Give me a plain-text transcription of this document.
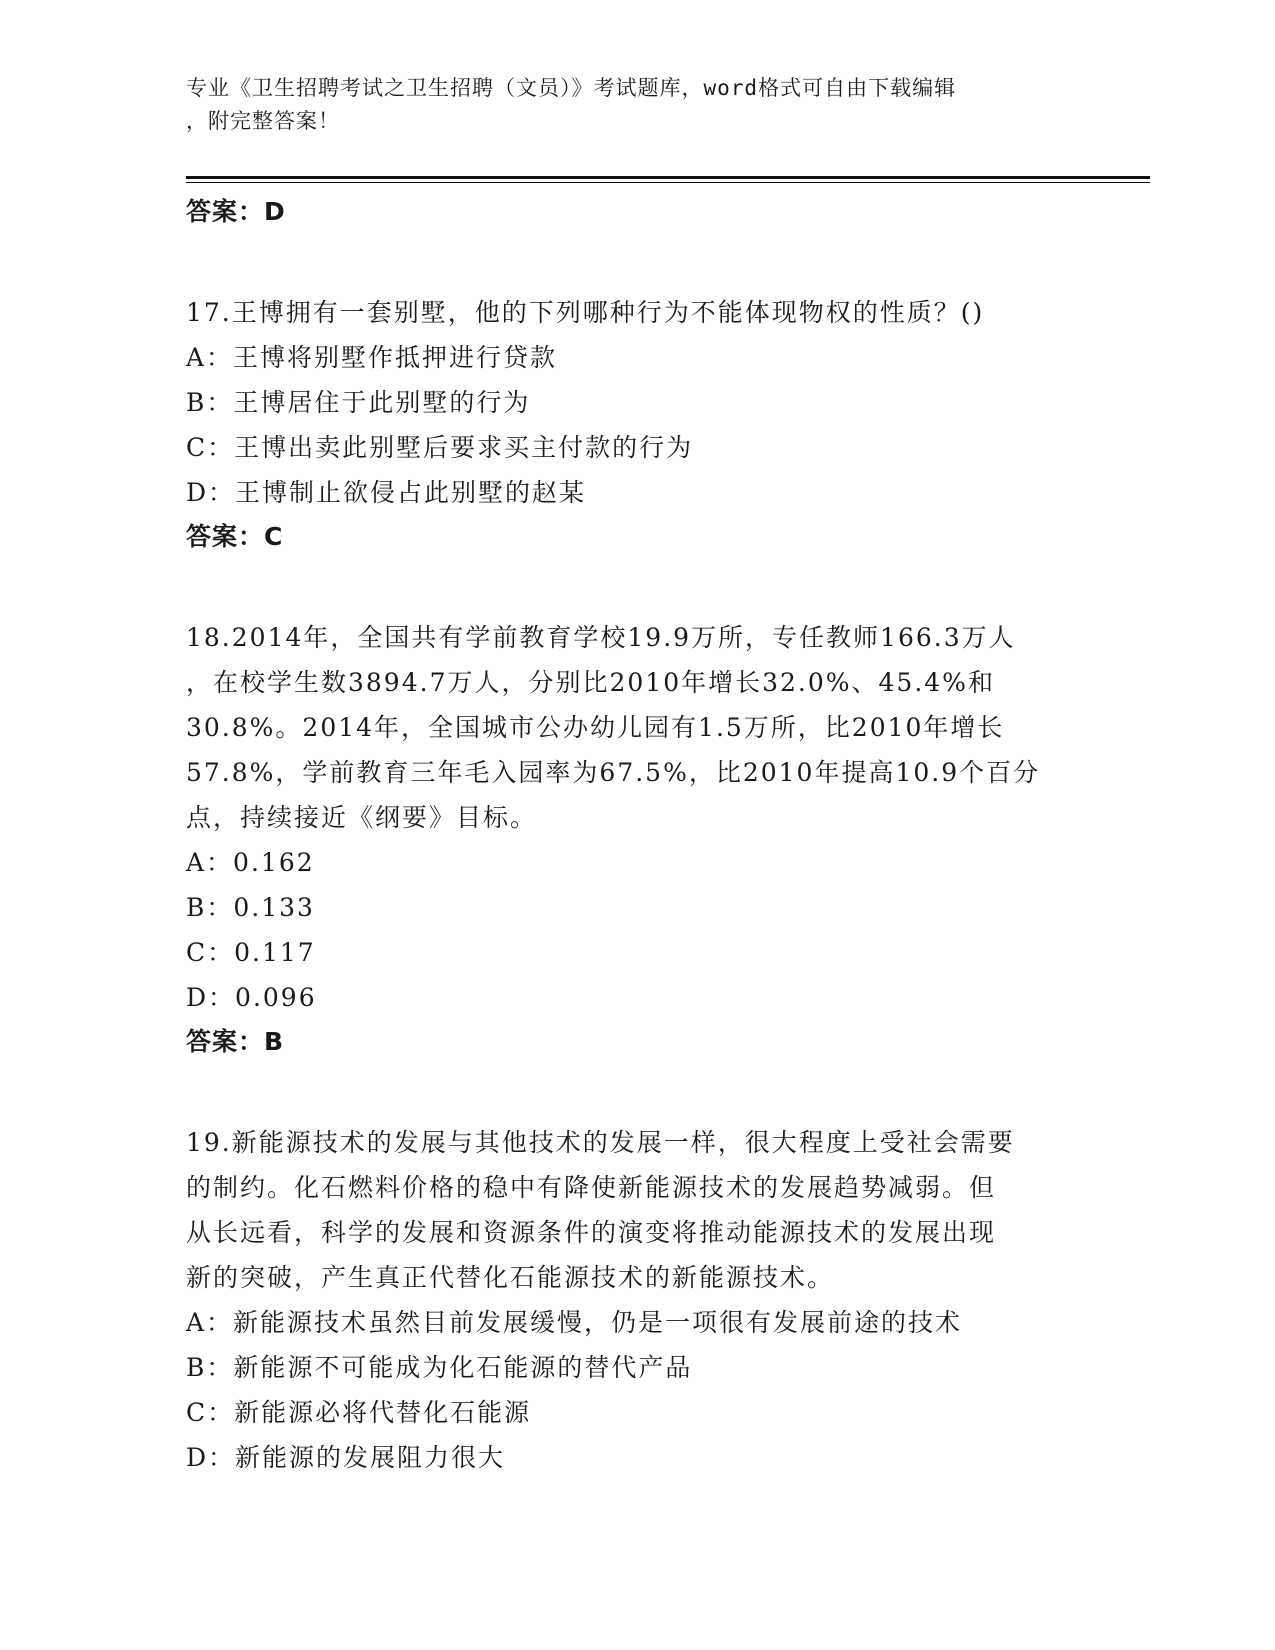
专业《卫生招聘考试之卫生招聘（文员）》考试题库，word格式可自由下载编辑
，附完整答案！
答案：D
17.王博拥有一套别墅，他的下列哪种行为不能体现物权的性质？()
A：王博将别墅作抵押进行贷款
B：王博居住于此别墅的行为
C：王博出卖此别墅后要求买主付款的行为
D：王博制止欲侵占此别墅的赵某
答案：C
18.2014年，全国共有学前教育学校19.9万所，专任教师166.3万人
，在校学生数3894.7万人，分别比2010年增长32.0%、45.4%和
30.8%。2014年，全国城市公办幼儿园有1.5万所，比2010年增长
57.8%，学前教育三年毛入园率为67.5%，比2010年提高10.9个百分
点，持续接近《纲要》目标。
A：0.162
B：0.133
C：0.117
D：0.096
答案：B
19.新能源技术的发展与其他技术的发展一样，很大程度上受社会需要
的制约。化石燃料价格的稳中有降使新能源技术的发展趋势减弱。但
从长远看，科学的发展和资源条件的演变将推动能源技术的发展出现
新的突破，产生真正代替化石能源技术的新能源技术。
A：新能源技术虽然目前发展缓慢，仍是一项很有发展前途的技术
B：新能源不可能成为化石能源的替代产品
C：新能源必将代替化石能源
D：新能源的发展阻力很大
